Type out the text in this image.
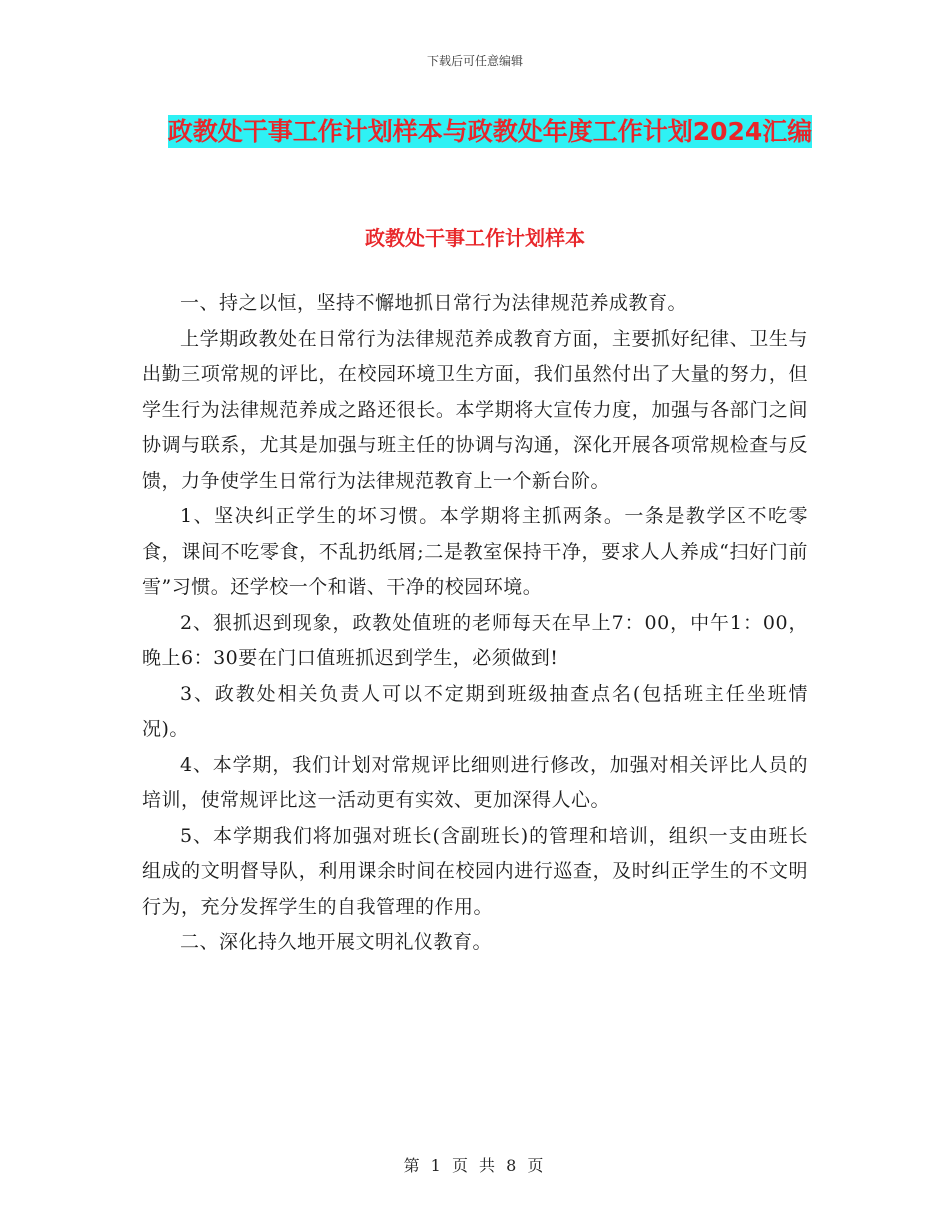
下载后可任意编辑
政教处干事工作计划样本与政教处年度工作计划2024汇编
政教处干事工作计划样本

一、持之以恒，坚持不懈地抓日常行为法律规范养成教育。

上学期政教处在日常行为法律规范养成教育方面，主要抓好纪律、卫生与出勤三项常规的评比，在校园环境卫生方面，我们虽然付出了大量的努力，但学生行为法律规范养成之路还很长。本学期将大宣传力度，加强与各部门之间协调与联系，尤其是加强与班主任的协调与沟通，深化开展各项常规检查与反馈，力争使学生日常行为法律规范教育上一个新台阶。

1、坚决纠正学生的坏习惯。本学期将主抓两条。一条是教学区不吃零食，课间不吃零食，不乱扔纸屑;二是教室保持干净，要求人人养成“扫好门前雪”习惯。还学校一个和谐、干净的校园环境。

2、狠抓迟到现象，政教处值班的老师每天在早上7：00，中午1：00，晚上6：30要在门口值班抓迟到学生，必须做到!

3、政教处相关负责人可以不定期到班级抽查点名(包括班主任坐班情况)。

4、本学期，我们计划对常规评比细则进行修改，加强对相关评比人员的培训，使常规评比这一活动更有实效、更加深得人心。

5、本学期我们将加强对班长(含副班长)的管理和培训，组织一支由班长组成的文明督导队，利用课余时间在校园内进行巡查，及时纠正学生的不文明行为，充分发挥学生的自我管理的作用。

二、深化持久地开展文明礼仪教育。

第 1 页 共 8 页
